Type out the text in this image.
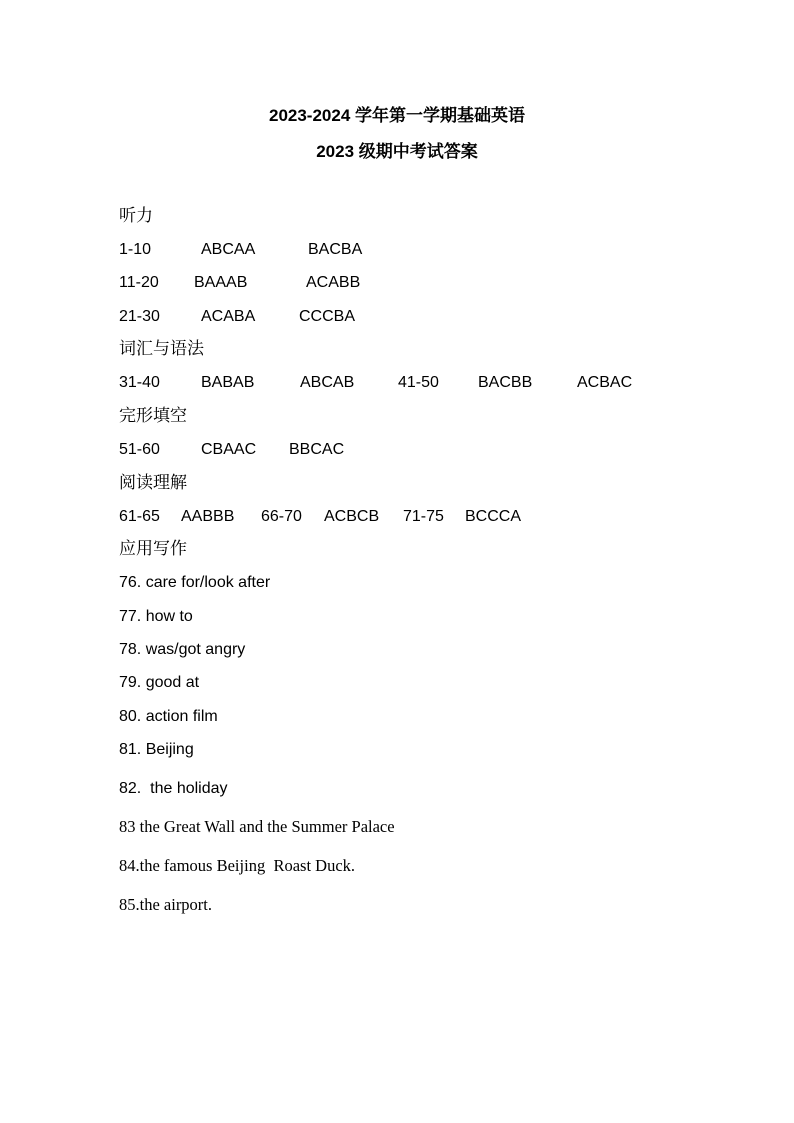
2023-2024 学年第一学期基础英语
2023 级期中考试答案
听力
1-10	ABCAA	BACBA
11-20 BAAAB	ACABB
21-30	ACABA	CCCBA
词汇与语法
31-40	BABAB	ABCAB	41-50 BACBB	ACBAC
完形填空
51-60	CBAAC BBCAC
阅读理解
61-65 AABBB 66-70 ACBCB 71-75 BCCCA
应用写作
76. care for/look after
77. how to
78. was/got angry
79. good at
80. action film
81. Beijing
82.  the holiday
83 the Great Wall and the Summer Palace
84.the famous Beijing  Roast Duck.
85.the airport.
